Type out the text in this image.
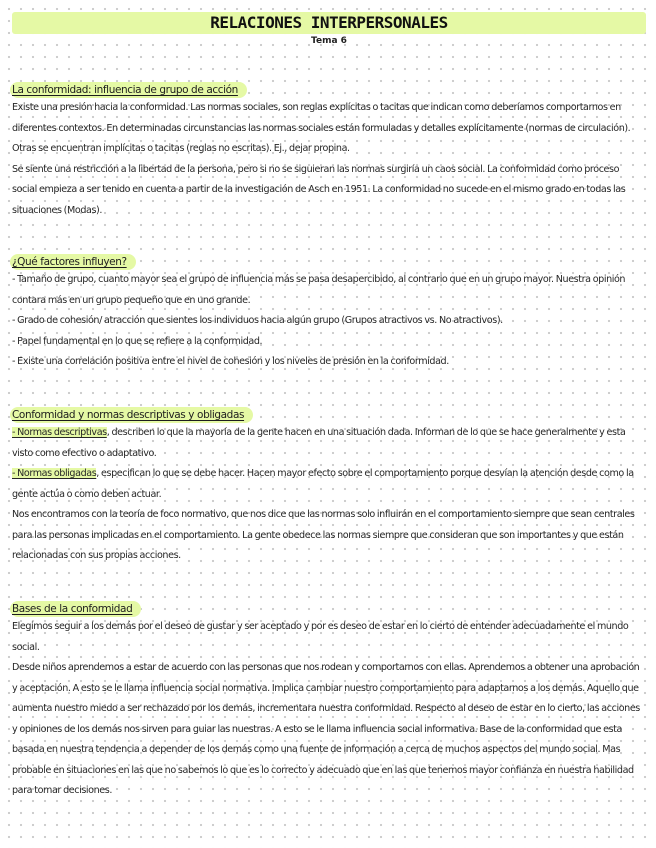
RELACIONES INTERPERSONALES
Tema 6
La conformidad: influencia de grupo de acción

Existe una presión hacia la conformidad. Las normas sociales, son reglas explícitas o tacitas que indican como deberíamos comportarnos en diferentes contextos. En determinadas circunstancias las normas sociales están formuladas y detalles explícitamente (normas de circulación). Otras se encuentran implícitas o tacitas (reglas no escritas). Ej., dejar propina.

Se siente una restricción a la libertad de la persona, pero si no se siguieran las normas surgiría un caos social. La conformidad como proceso social empieza a ser tenido en cuenta a partir de la investigación de Asch en 1951. La conformidad no sucede en el mismo grado en todas las situaciones (Modas).

¿Qué factores influyen?

- Tamaño de grupo, cuanto mayor sea el grupo de influencia más se pasa desapercibido, al contrario que en un grupo mayor. Nuestra opinión contara más en un grupo pequeño que en uno grande.

- Grado de cohesión/ atracción que sientes los individuos hacia algún grupo (Grupos atractivos vs. No atractivos).

- Papel fundamental en lo que se refiere a la conformidad.

- Existe una correlación positiva entre el nivel de cohesión y los niveles de presión en la conformidad.

Conformidad y normas descriptivas y obligadas

- Normas descriptivas, describen lo que la mayoría de la gente hacen en una situación dada. Informan de lo que se hace generalmente y esta visto como efectivo o adaptativo.

- Normas obligadas, especifican lo que se debe hacer. Hacen mayor efecto sobre el comportamiento porque desvían la atención desde como la gente actúa o como deben actuar.

Nos encontramos con la teoría de foco normativo, que nos dice que las normas solo influirán en el comportamiento siempre que sean centrales para las personas implicadas en el comportamiento. La gente obedece las normas siempre que consideran que son importantes y que están relacionadas con sus propias acciones.

Bases de la conformidad

Elegimos seguir a los demás por el deseo de gustar y ser aceptado y por es deseo de estar en lo cierto de entender adecuadamente el mundo social.

Desde niños aprendemos a estar de acuerdo con las personas que nos rodean y comportarnos con ellas. Aprendemos a obtener una aprobación y aceptación. A esto se le llama influencia social normativa. Implica cambiar nuestro comportamiento para adaptarnos a los demás. Aquello que aumenta nuestro miedo a ser rechazado por los demás, incrementara nuestra conformidad. Respecto al deseo de estar en lo cierto, las acciones y opiniones de los demás nos sirven para guiar las nuestras. A esto se le llama influencia social informativa. Base de la conformidad que esta basada en nuestra tendencia a depender de los demás como una fuente de información a cerca de muchos aspectos del mundo social. Mas probable en situaciones en las que no sabemos lo que es lo correcto y adecuado que en las que tenemos mayor confianza en nuestra habilidad para tomar decisiones.
